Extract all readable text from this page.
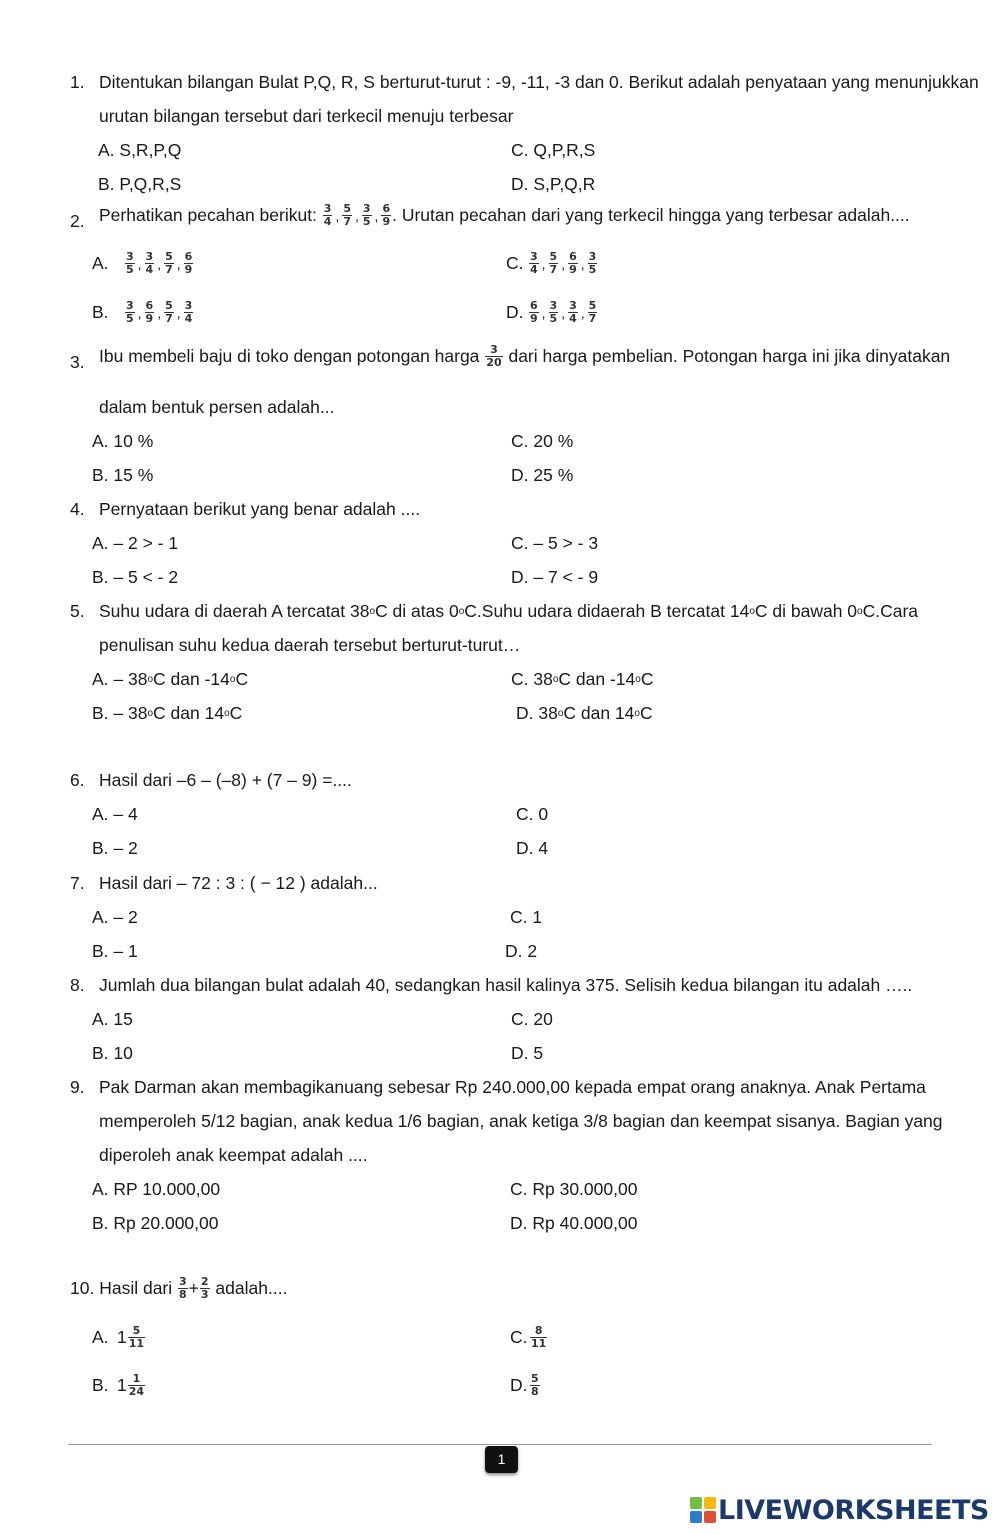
1. Ditentukan bilangan Bulat P,Q, R, S berturut-turut : -9, -11, -3 dan 0. Berikut adalah penyataan yang menunjukkan
urutan bilangan tersebut dari terkecil menuju terbesar
A. S,R,P,Q
B. P,Q,R,S
C. Q,P,R,S
D. S,P,Q,R
2. Perhatikan pecahan berikut: $\frac{3}{4}$ , $\frac{5}{7}$ , $\frac{3}{5}$ , $\frac{6}{9}$ . Urutan pecahan dari yang terkecil hingga yang terbesar adalah....
A. $\frac{3}{5}$ , $\frac{3}{4}$ , $\frac{5}{7}$ , $\frac{6}{9}$
B. $\frac{3}{5}$ , $\frac{6}{9}$ , $\frac{5}{7}$ , $\frac{3}{4}$
C. $\frac{3}{4}$ , $\frac{5}{7}$ , $\frac{6}{9}$ , $\frac{3}{5}$
D. $\frac{6}{9}$ , $\frac{3}{5}$ , $\frac{3}{4}$ , $\frac{5}{7}$
3. Ibu membeli baju di toko dengan potongan harga $\frac{3}{20}$ dari harga pembelian. Potongan harga ini jika dinyatakan
dalam bentuk persen adalah...
A. 10 %
B. 15 %
C. 20 %
D. 25 %
4. Pernyataan berikut yang benar adalah ....
A. – 2 > - 1
B. – 5 < - 2
C. – 5 > - 3
D. – 7 < - 9
5. Suhu udara di daerah A tercatat 38$^o$C di atas 0$^o$C.Suhu udara didaerah B tercatat 14$^o$C di bawah 0$^o$C.Cara
penulisan suhu kedua daerah tersebut berturut-turut…
A. – 38$^o$C dan -14$^o$C
B. – 38$^o$C dan 14$^o$C
C. 38$^o$C dan -14$^o$C
D. 38$^o$C dan 14$^o$C
6. Hasil dari –6 – (–8) + (7 – 9) =....
A. – 4
B. – 2
C. 0
D. 4
7. Hasil dari – 72 : 3 : ( − 12 ) adalah...
A. – 2
B. – 1
C. 1
D. 2
8. Jumlah dua bilangan bulat adalah 40, sedangkan hasil kalinya 375. Selisih kedua bilangan itu adalah …..
A. 15
B. 10
C. 20
D. 5
9. Pak Darman akan membagikanuang sebesar Rp 240.000,00 kepada empat orang anaknya. Anak Pertama
memperoleh 5/12 bagian, anak kedua 1/6 bagian, anak ketiga 3/8 bagian dan keempat sisanya. Bagian yang
diperoleh anak keempat adalah ....
A. RP 10.000,00
B. Rp 20.000,00
C. Rp 30.000,00
D. Rp 40.000,00
10. Hasil dari $\frac{3}{8} + \frac{2}{3}$ adalah....
A. $1 \frac{5}{11}$
B. $1 \frac{1}{24}$
C. $\frac{8}{11}$
D. $\frac{5}{8}$
1
LIVEWORKSHEETS
